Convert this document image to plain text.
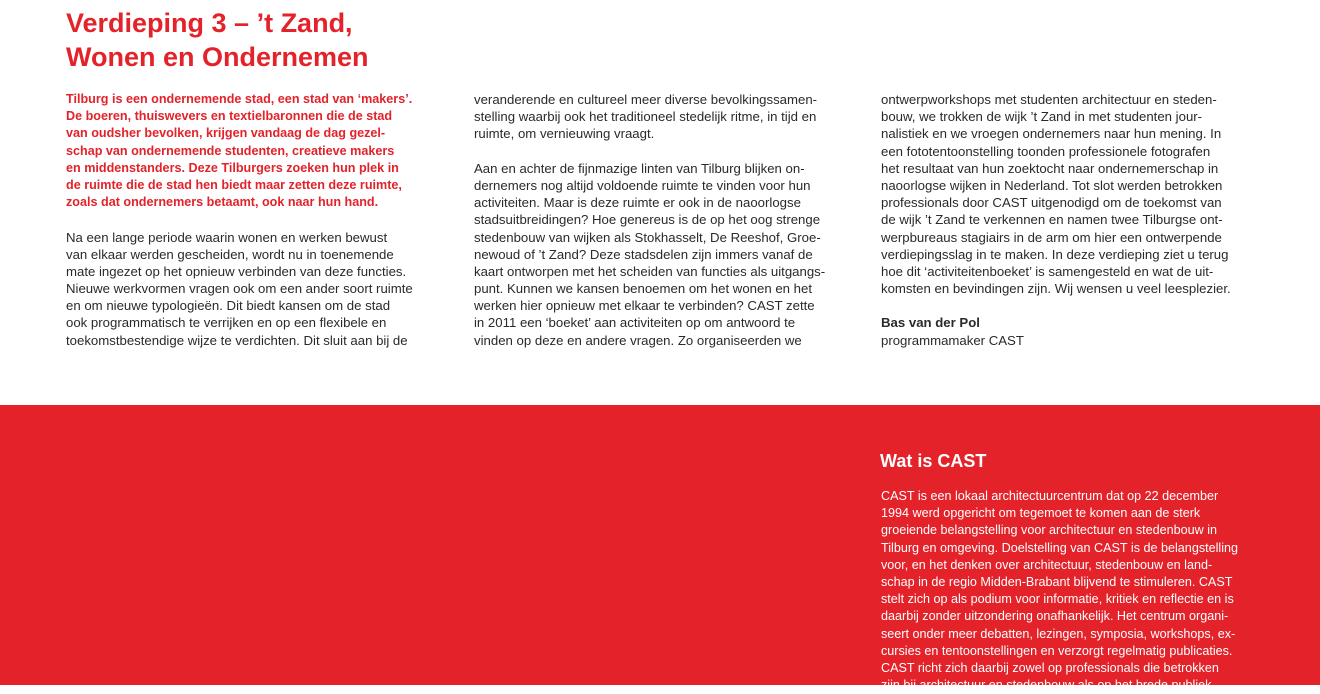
Verdieping 3 – ’t Zand,
Wonen en Ondernemen
Tilburg is een ondernemende stad, een stad van ‘makers’.
De boeren, thuiswevers en textielbaronnen die de stad
van oudsher bevolken, krijgen vandaag de dag gezel-
schap van ondernemende studenten, creatieve makers
en middenstanders. Deze Tilburgers zoeken hun plek in
de ruimte die de stad hen biedt maar zetten deze ruimte,
zoals dat ondernemers betaamt, ook naar hun hand.
Na een lange periode waarin wonen en werken bewust
van elkaar werden gescheiden, wordt nu in toenemende
mate ingezet op het opnieuw verbinden van deze functies.
Nieuwe werkvormen vragen ook om een ander soort ruimte
en om nieuwe typologieën. Dit biedt kansen om de stad
ook programmatisch te verrijken en op een flexibele en
toekomstbestendige wijze te verdichten. Dit sluit aan bij de
veranderende en cultureel meer diverse bevolkingssamen-
stelling waarbij ook het traditioneel stedelijk ritme, in tijd en
ruimte, om vernieuwing vraagt.
Aan en achter de fijnmazige linten van Tilburg blijken on-
dernemers nog altijd voldoende ruimte te vinden voor hun
activiteiten. Maar is deze ruimte er ook in de naoorlogse
stadsuitbreidingen? Hoe genereus is de op het oog strenge
stedenbouw van wijken als Stokhasselt, De Reeshof, Groe-
newoud of ’t Zand? Deze stadsdelen zijn immers vanaf de
kaart ontworpen met het scheiden van functies als uitgangs-
punt. Kunnen we kansen benoemen om het wonen en het
werken hier opnieuw met elkaar te verbinden? CAST zette
in 2011 een ‘boeket’ aan activiteiten op om antwoord te
vinden op deze en andere vragen. Zo organiseerden we
ontwerpworkshops met studenten architectuur en steden-
bouw, we trokken de wijk ’t Zand in met studenten jour-
nalistiek en we vroegen ondernemers naar hun mening. In
een fototentoonstelling toonden professionele fotografen
het resultaat van hun zoektocht naar ondernemerschap in
naoorlogse wijken in Nederland. Tot slot werden betrokken
professionals door CAST uitgenodigd om de toekomst van
de wijk ’t Zand te verkennen en namen twee Tilburgse ont-
werpbureaus stagiairs in de arm om hier een ontwerpende
verdiepingsslag in te maken. In deze verdieping ziet u terug
hoe dit ‘activiteitenboeket’ is samengesteld en wat de uit-
komsten en bevindingen zijn. Wij wensen u veel leesplezier.
Bas van der Pol
programmamaker CAST
Wat is CAST
CAST is een lokaal architectuurcentrum dat op 22 december
1994 werd opgericht om tegemoet te komen aan de sterk
groeiende belangstelling voor architectuur en stedenbouw in
Tilburg en omgeving. Doelstelling van CAST is de belangstelling
voor, en het denken over architectuur, stedenbouw en land-
schap in de regio Midden-Brabant blijvend te stimuleren. CAST
stelt zich op als podium voor informatie, kritiek en reflectie en is
daarbij zonder uitzondering onafhankelijk. Het centrum organi-
seert onder meer debatten, lezingen, symposia, workshops, ex-
cursies en tentoonstellingen en verzorgt regelmatig publicaties.
CAST richt zich daarbij zowel op professionals die betrokken
zijn bij architectuur en stedenbouw als op het brede publiek.
